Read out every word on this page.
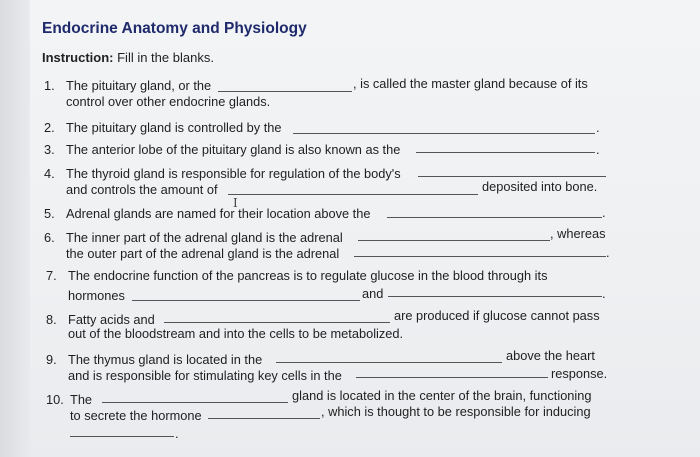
Endocrine Anatomy and Physiology
Instruction: Fill in the blanks.
1. The pituitary gland, or the	, is called the master gland because of its
control over other endocrine glands.
2. The pituitary gland is controlled by the	.
3. The anterior lobe of the pituitary gland is also known as the	.
4. The thyroid gland is responsible for regulation of the body's
and controls the amount of	deposited into bone.
5. Adrenal glands are named for their location above the
I
.
6. The inner part of the adrenal gland is the adrenal	, whereas
the outer part of the adrenal gland is the adrenal	.
7. The endocrine function of the pancreas is to regulate glucose in the blood through its
hormones	and	.
8. Fatty acids and	are produced if glucose cannot pass
out of the bloodstream and into the cells to be metabolized.
9. The thymus gland is located in the	above the heart
and is responsible for stimulating key cells in the	response.
10. The	gland is located in the center of the brain, functioning
to secrete the hormone	, which is thought to be responsible for inducing
.
